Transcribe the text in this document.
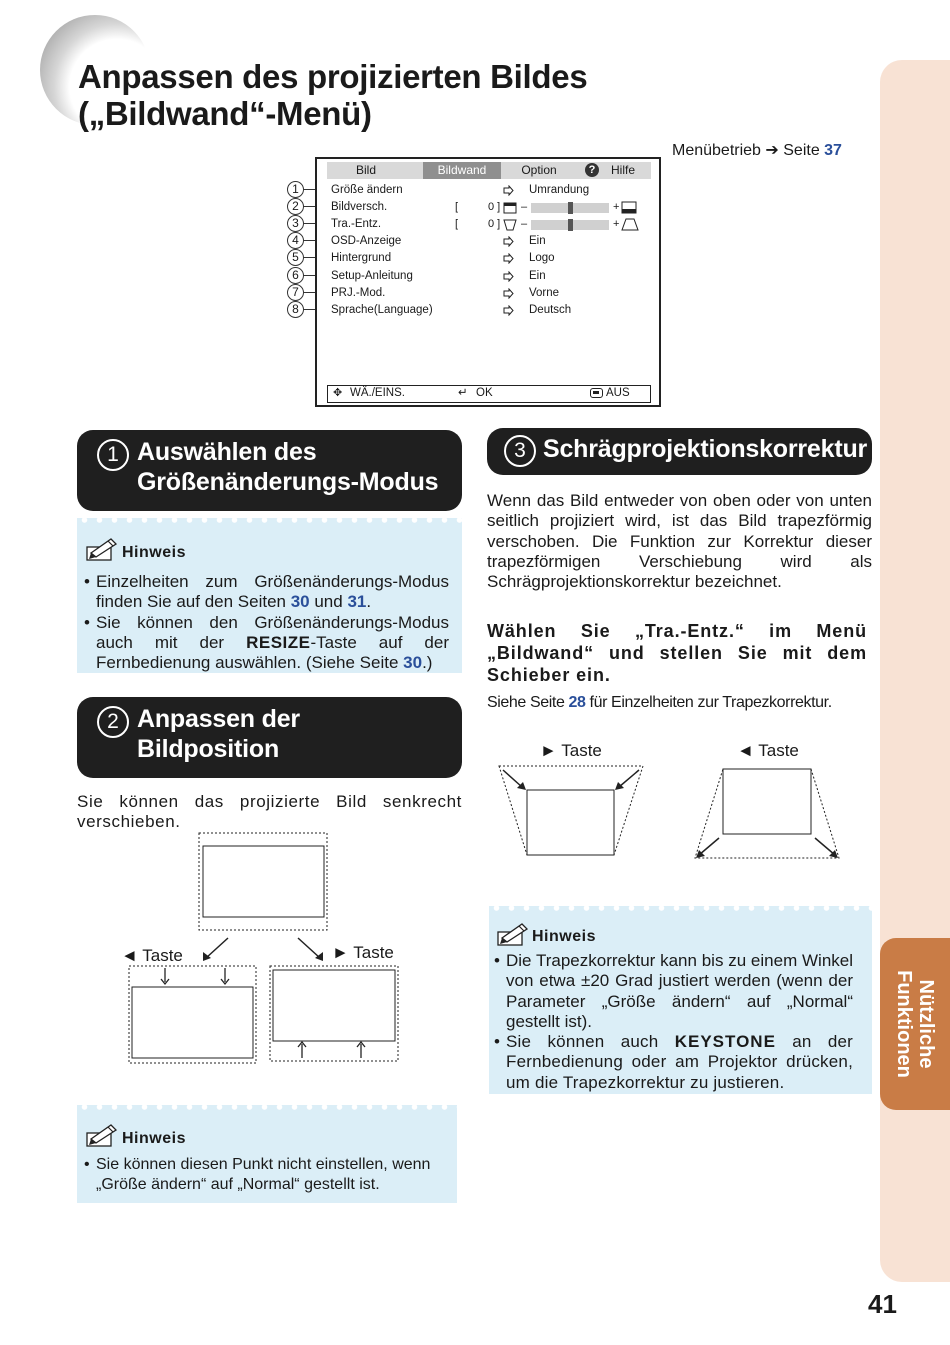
Nützliche
Funktionen
Anpassen des projizierten Bildes
(„Bildwand“-Menü)
Menübetrieb ➔ Seite 37
1
2
3
4
5
6
7
8
Bild	Bildwand	Option	?	Hilfe
Größe ändern	Umrandung
Bildversch.	[	0 ] –	+
Tra.-Entz.	[	0 ] –	+
OSD-Anzeige	Ein
Hintergrund	Logo
Setup-Anleitung	Ein
PRJ.-Mod.	Vorne
Sprache(Language)	Deutsch
✥ WÄ./EINS.	↵ OK	AUS
1 Auswählen des
Größenänderungs-Modus
Hinweis
• Einzelheiten zum Größenänderungs-Modus finden Sie auf den Seiten 30 und 31.
• Sie können den Größenänderungs-Modus auch mit der RESIZE-Taste auf der Fernbedienung auswählen. (Siehe Seite 30.)
2 Anpassen der
Bildposition
Sie können das projizierte Bild senkrecht verschieben.
◄ Taste	► Taste
Hinweis
• Sie können diesen Punkt nicht einstellen, wenn „Größe ändern“ auf „Normal“ gestellt ist.
3 Schrägprojektionskorrektur
Wenn das Bild entweder von oben oder von unten seitlich projiziert wird, ist das Bild trapezförmig verschoben. Die Funktion zur Korrektur dieser trapezförmigen Verschiebung wird als Schrägprojektionskorrektur bezeichnet.
Wählen Sie „Tra.-Entz.“ im Menü „Bildwand“ und stellen Sie mit dem Schieber ein.
Siehe Seite 28 für Einzelheiten zur Trapezkorrektur.
► Taste	◄ Taste
Hinweis
• Die Trapezkorrektur kann bis zu einem Winkel von etwa ±20 Grad justiert werden (wenn der Parameter „Größe ändern“ auf „Normal“ gestellt ist).
• Sie können auch KEYSTONE an der Fernbedienung oder am Projektor drücken, um die Trapezkorrektur zu justieren.
41
